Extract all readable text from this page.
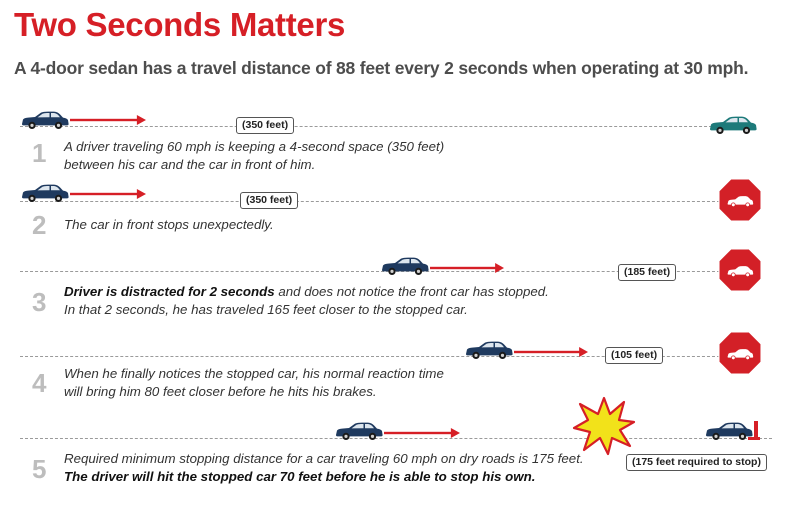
Two Seconds Matters
A 4-door sedan has a travel distance of 88 feet every 2 seconds when operating at 30 mph.
(350 feet)
1 A driver traveling 60 mph is keeping a 4-second space (350 feet)
between his car and the car in front of him.
(350 feet)
2 The car in front stops unexpectedly.
(185 feet)
3 Driver is distracted for 2 seconds and does not notice the front car has stopped.
In that 2 seconds, he has traveled 165 feet closer to the stopped car.
(105 feet)
4 When he finally notices the stopped car, his normal reaction time
will bring him 80 feet closer before he hits his brakes.
(175 feet required to stop)
5 Required minimum stopping distance for a car traveling 60 mph on dry roads is 175 feet.
The driver will hit the stopped car 70 feet before he is able to stop his own.
